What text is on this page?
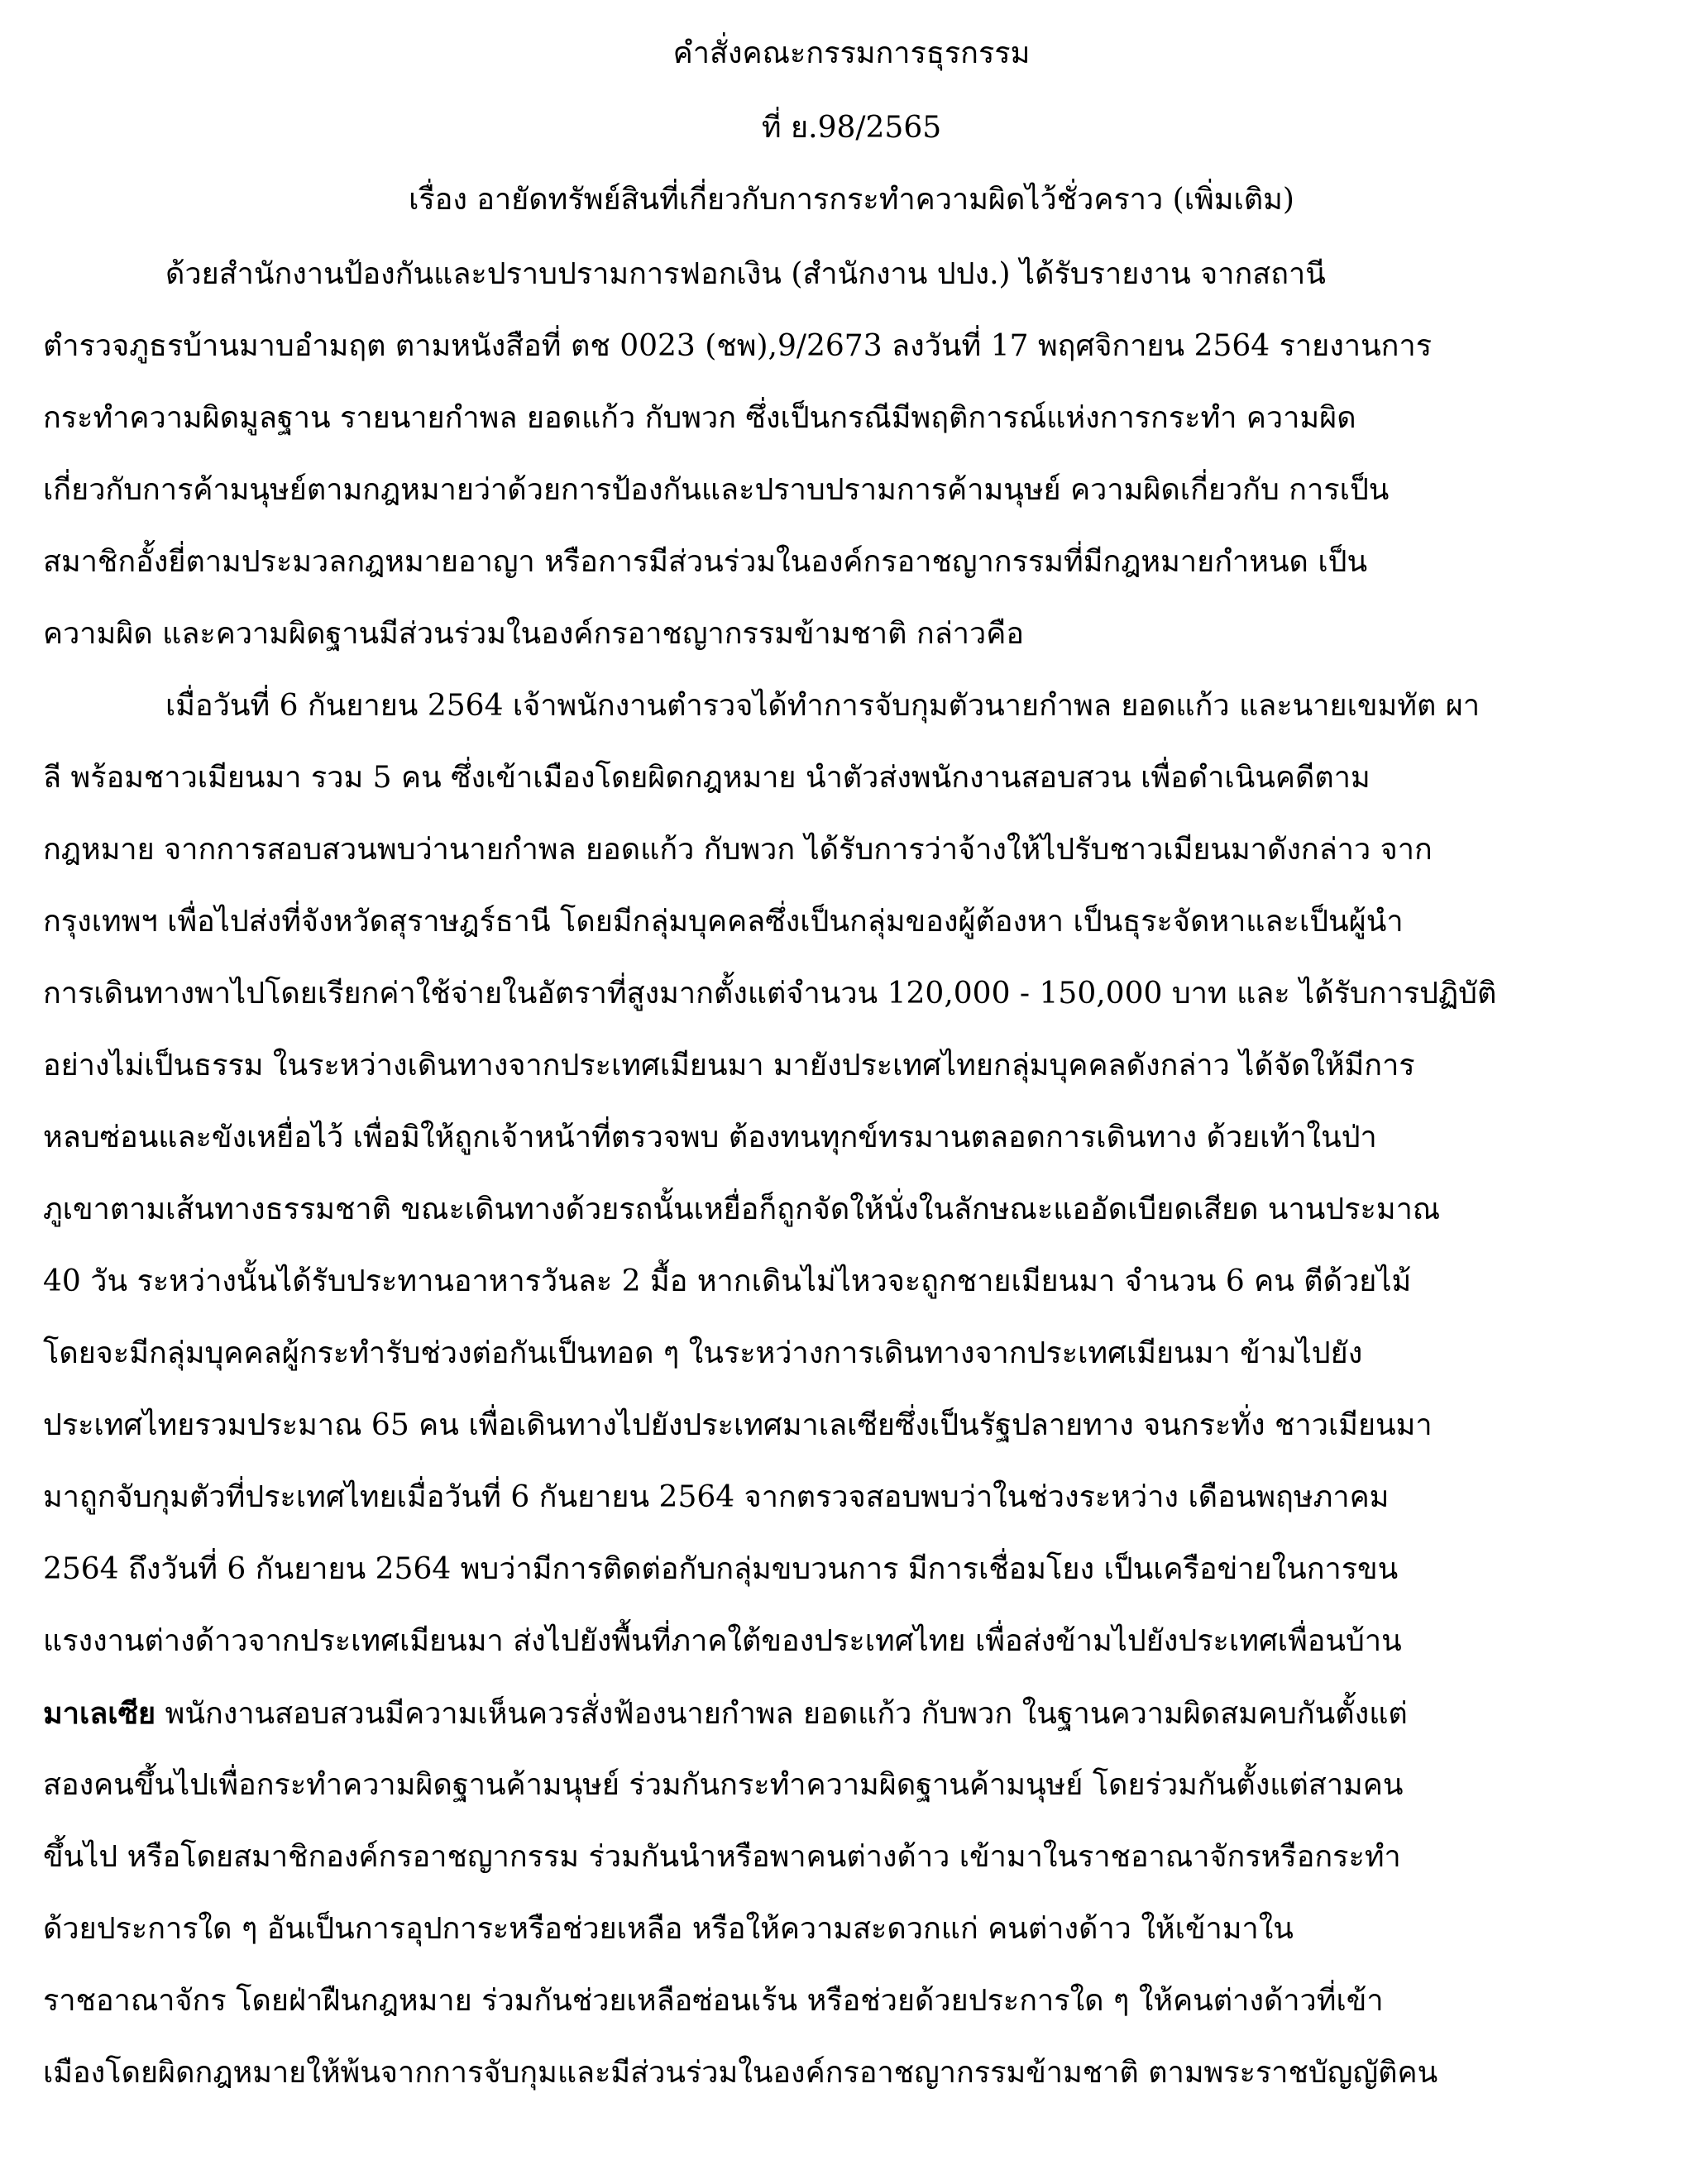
คำสั่งคณะกรรมการธุรกรรม
ที่ ย.98/2565
เรื่อง อายัดทรัพย์สินที่เกี่ยวกับการกระทำความผิดไว้ชั่วคราว (เพิ่มเติม)
ด้วยสำนักงานป้องกันและปราบปรามการฟอกเงิน (สำนักงาน ปปง.) ได้รับรายงาน จากสถานี
ตำรวจภูธรบ้านมาบอำมฤต ตามหนังสือที่ ตช 0023 (ชพ),9/2673 ลงวันที่ 17 พฤศจิกายน 2564 รายงานการ
กระทำความผิดมูลฐาน รายนายกำพล ยอดแก้ว กับพวก ซึ่งเป็นกรณีมีพฤติการณ์แห่งการกระทำ ความผิด
เกี่ยวกับการค้ามนุษย์ตามกฎหมายว่าด้วยการป้องกันและปราบปรามการค้ามนุษย์ ความผิดเกี่ยวกับ การเป็น
สมาชิกอั้งยี่ตามประมวลกฎหมายอาญา หรือการมีส่วนร่วมในองค์กรอาชญากรรมที่มีกฎหมายกำหนด เป็น
ความผิด และความผิดฐานมีส่วนร่วมในองค์กรอาชญากรรมข้ามชาติ กล่าวคือ
เมื่อวันที่ 6 กันยายน 2564 เจ้าพนักงานตำรวจได้ทำการจับกุมตัวนายกำพล ยอดแก้ว และนายเขมทัต ผา
ลี พร้อมชาวเมียนมา รวม 5 คน ซึ่งเข้าเมืองโดยผิดกฎหมาย นำตัวส่งพนักงานสอบสวน เพื่อดำเนินคดีตาม
กฎหมาย จากการสอบสวนพบว่านายกำพล ยอดแก้ว กับพวก ได้รับการว่าจ้างให้ไปรับชาวเมียนมาดังกล่าว จาก
กรุงเทพฯ เพื่อไปส่งที่จังหวัดสุราษฎร์ธานี โดยมีกลุ่มบุคคลซึ่งเป็นกลุ่มของผู้ต้องหา เป็นธุระจัดหาและเป็นผู้นำ
การเดินทางพาไปโดยเรียกค่าใช้จ่ายในอัตราที่สูงมากตั้งแต่จำนวน 120,000 - 150,000 บาท และ ได้รับการปฏิบัติ
อย่างไม่เป็นธรรม ในระหว่างเดินทางจากประเทศเมียนมา มายังประเทศไทยกลุ่มบุคคลดังกล่าว ได้จัดให้มีการ
หลบซ่อนและขังเหยื่อไว้ เพื่อมิให้ถูกเจ้าหน้าที่ตรวจพบ ต้องทนทุกข์ทรมานตลอดการเดินทาง ด้วยเท้าในป่า
ภูเขาตามเส้นทางธรรมชาติ ขณะเดินทางด้วยรถนั้นเหยื่อก็ถูกจัดให้นั่งในลักษณะแออัดเบียดเสียด นานประมาณ
40 วัน ระหว่างนั้นได้รับประทานอาหารวันละ 2 มื้อ หากเดินไม่ไหวจะถูกชายเมียนมา จำนวน 6 คน ตีด้วยไม้
โดยจะมีกลุ่มบุคคลผู้กระทำรับช่วงต่อกันเป็นทอด ๆ ในระหว่างการเดินทางจากประเทศเมียนมา ข้ามไปยัง
ประเทศไทยรวมประมาณ 65 คน เพื่อเดินทางไปยังประเทศมาเลเซียซึ่งเป็นรัฐปลายทาง จนกระทั่ง ชาวเมียนมา
มาถูกจับกุมตัวที่ประเทศไทยเมื่อวันที่ 6 กันยายน 2564 จากตรวจสอบพบว่าในช่วงระหว่าง เดือนพฤษภาคม
2564 ถึงวันที่ 6 กันยายน 2564 พบว่ามีการติดต่อกับกลุ่มขบวนการ มีการเชื่อมโยง เป็นเครือข่ายในการขน
แรงงานต่างด้าวจากประเทศเมียนมา ส่งไปยังพื้นที่ภาคใต้ของประเทศไทย เพื่อส่งข้ามไปยังประเทศเพื่อนบ้าน
มาเลเซีย พนักงานสอบสวนมีความเห็นควรสั่งฟ้องนายกำพล ยอดแก้ว กับพวก ในฐานความผิดสมคบกันตั้งแต่
สองคนขึ้นไปเพื่อกระทำความผิดฐานค้ามนุษย์ ร่วมกันกระทำความผิดฐานค้ามนุษย์ โดยร่วมกันตั้งแต่สามคน
ขึ้นไป หรือโดยสมาชิกองค์กรอาชญากรรม ร่วมกันนำหรือพาคนต่างด้าว เข้ามาในราชอาณาจักรหรือกระทำ
ด้วยประการใด ๆ อันเป็นการอุปการะหรือช่วยเหลือ หรือให้ความสะดวกแก่ คนต่างด้าว ให้เข้ามาใน
ราชอาณาจักร โดยฝ่าฝืนกฎหมาย ร่วมกันช่วยเหลือซ่อนเร้น หรือช่วยด้วยประการใด ๆ ให้คนต่างด้าวที่เข้า
เมืองโดยผิดกฎหมายให้พ้นจากการจับกุมและมีส่วนร่วมในองค์กรอาชญากรรมข้ามชาติ ตามพระราชบัญญัติคน
